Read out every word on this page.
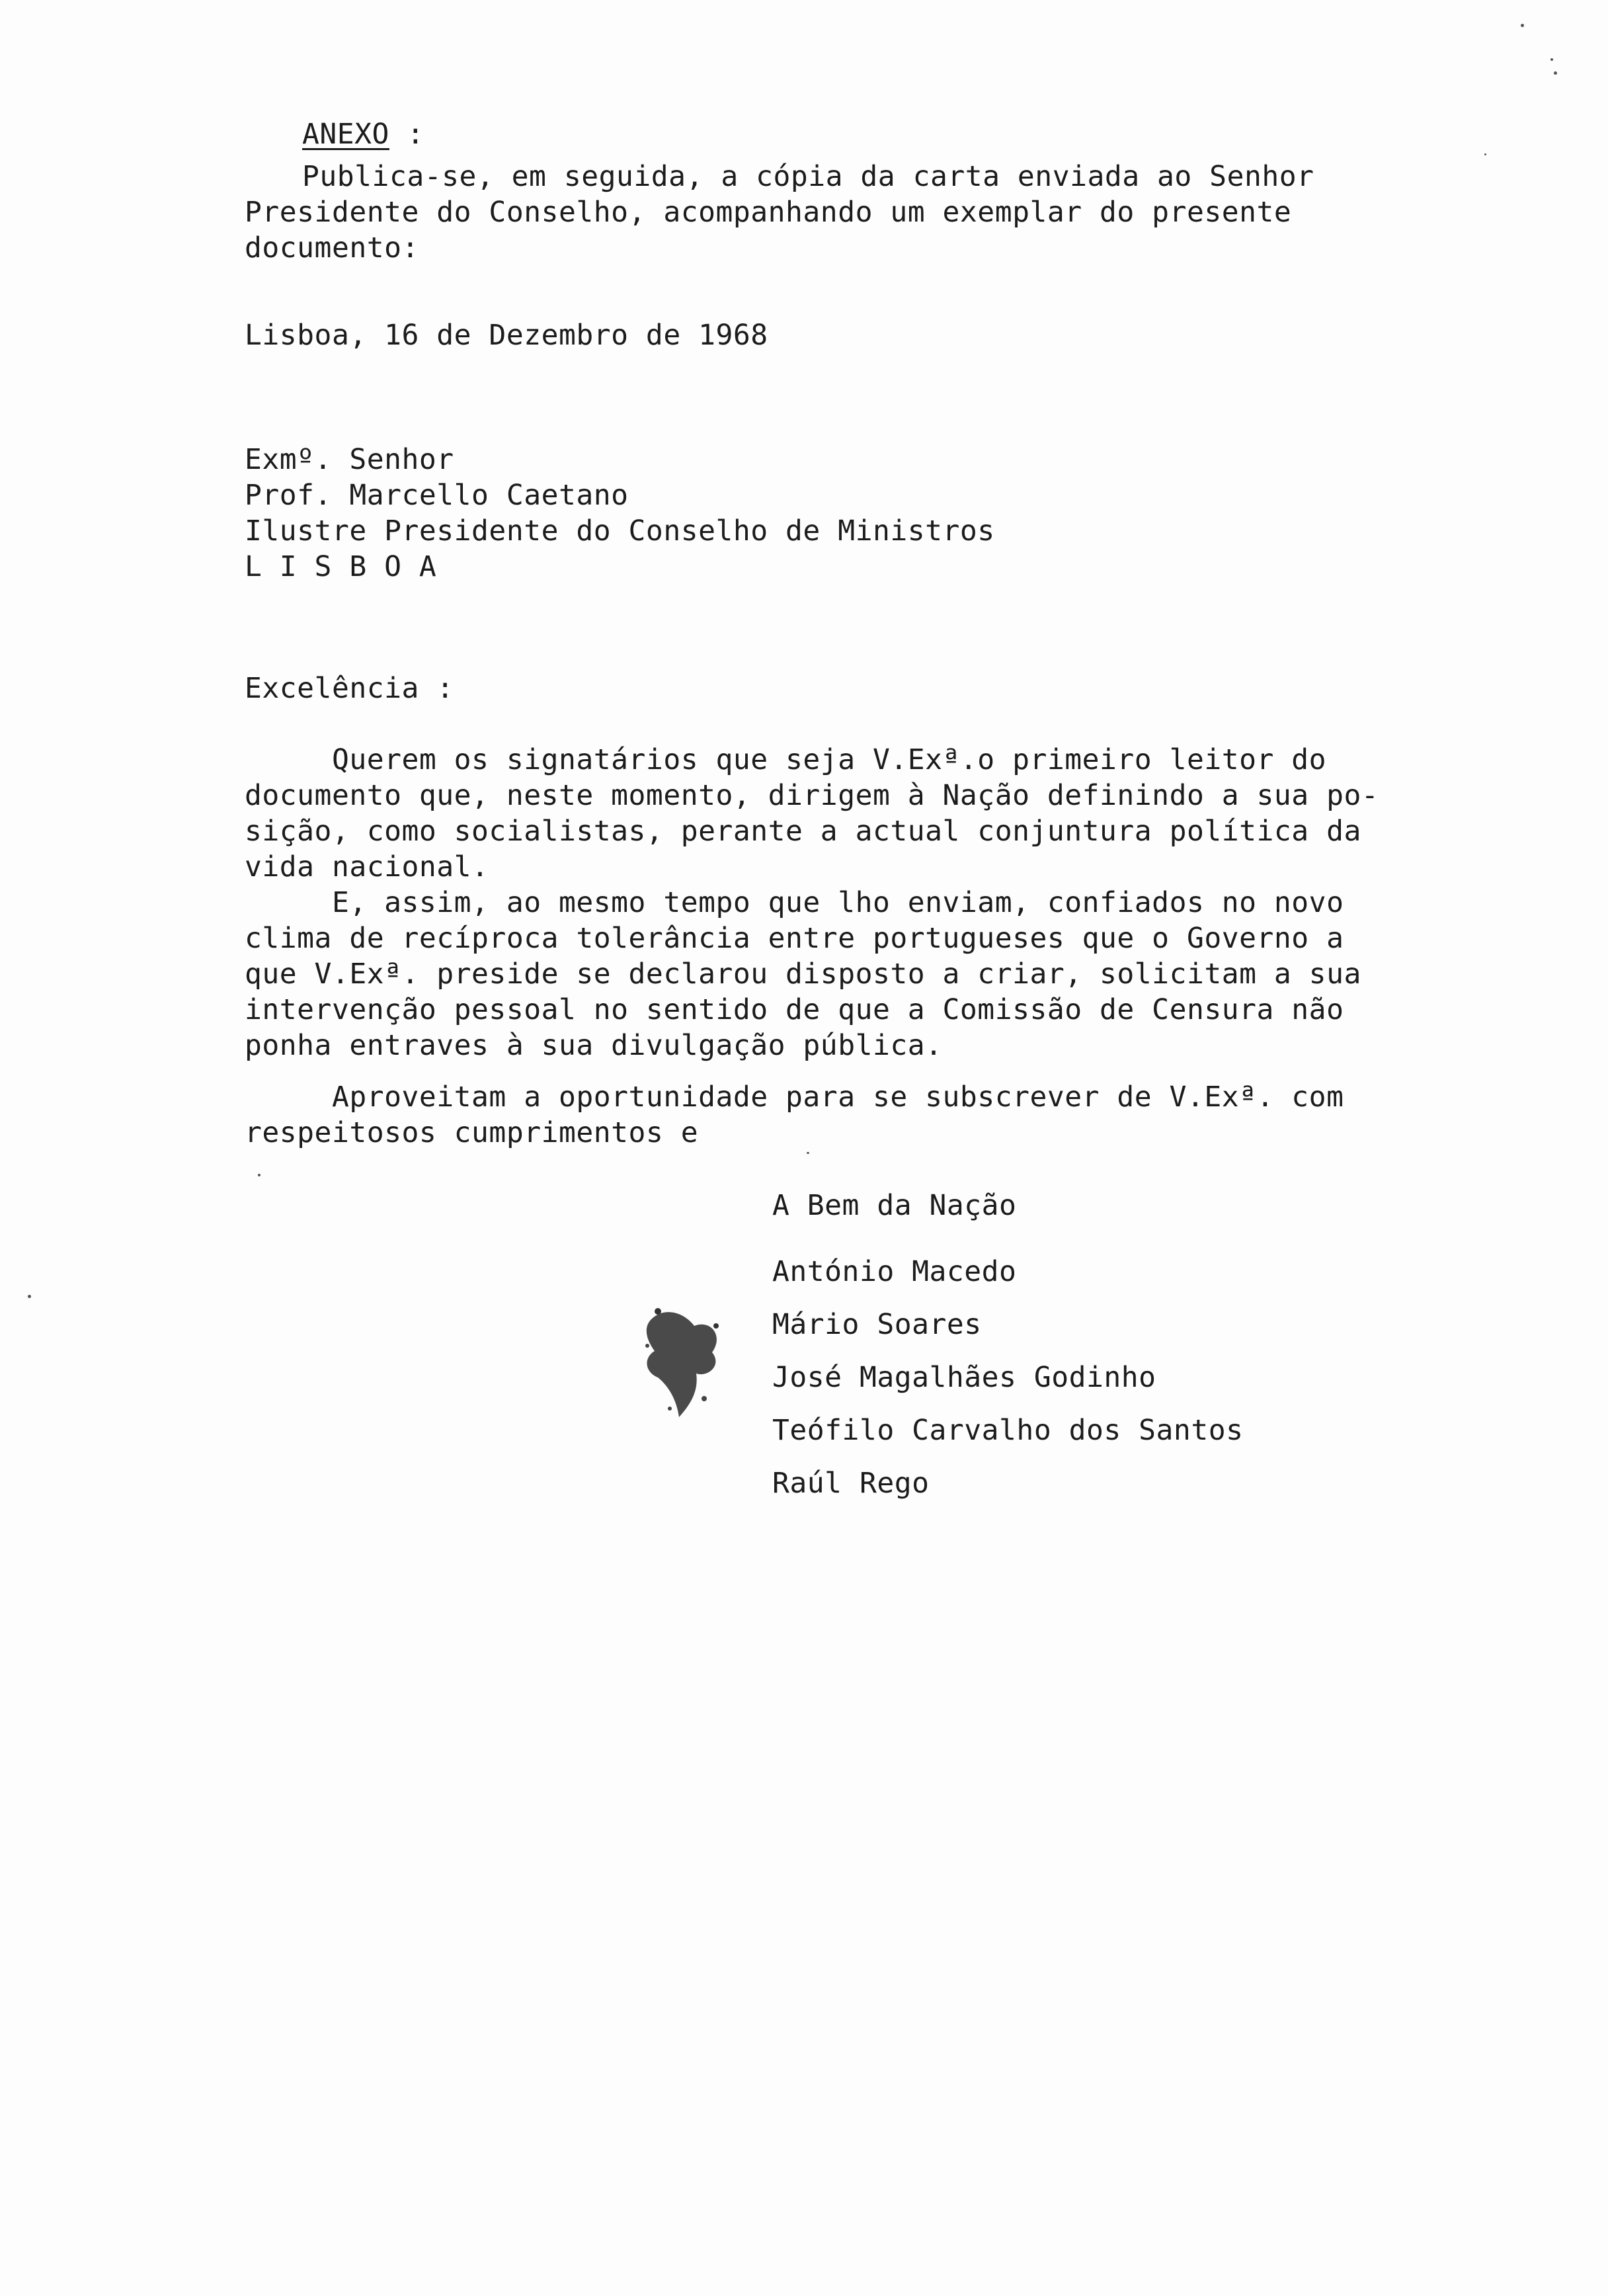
ANEXO :
Publica-se, em seguida, a cópia da carta enviada ao Senhor
Presidente do Conselho, acompanhando um exemplar do presente
documento:
Lisboa, 16 de Dezembro de 1968
Exmº. Senhor
Prof. Marcello Caetano
Ilustre Presidente do Conselho de Ministros
L I S B O A
Excelência :
Querem os signatários que seja V.Exª.o primeiro leitor do
documento que, neste momento, dirigem à Nação definindo a sua po-
sição, como socialistas, perante a actual conjuntura política da
vida nacional.
E, assim, ao mesmo tempo que lho enviam, confiados no novo
clima de recíproca tolerância entre portugueses que o Governo a
que V.Exª. preside se declarou disposto a criar, solicitam a sua
intervenção pessoal no sentido de que a Comissão de Censura não
ponha entraves à sua divulgação pública.
Aproveitam a oportunidade para se subscrever de V.Exª. com
respeitosos cumprimentos e
A Bem da Nação
António Macedo
Mário Soares
José Magalhães Godinho
Teófilo Carvalho dos Santos
Raúl Rego
